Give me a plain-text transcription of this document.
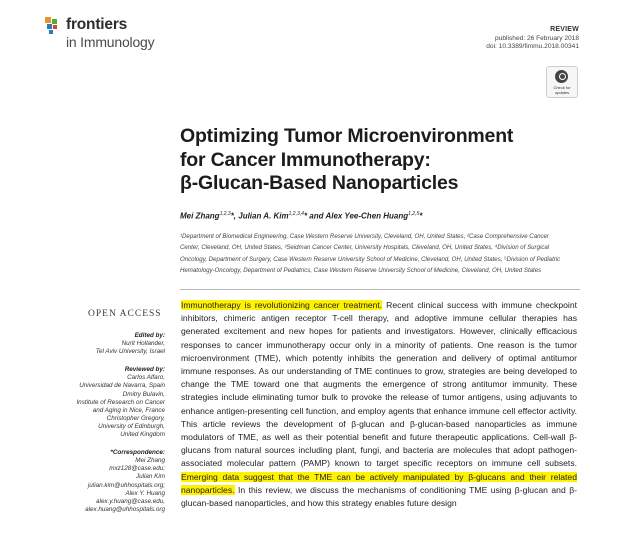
frontiers
in Immunology
REVIEW
published: 26 February 2018
doi: 10.3389/fimmu.2018.00341
Check for updates
Optimizing Tumor Microenvironment
for Cancer Immunotherapy:
β-Glucan-Based Nanoparticles
Mei Zhang$^{1,2,3}$*, Julian A. Kim$^{1,2,3,4}$* and Alex Yee-Chen Huang$^{1,2,5}$*
¹Department of Biomedical Engineering, Case Western Reserve University, Cleveland, OH, United States, ²Case Comprehensive Cancer Center, Cleveland, OH, United States, ³Seidman Cancer Center, University Hospitals, Cleveland, OH, United States, ⁴Division of Surgical Oncology, Department of Surgery, Case Western Reserve University School of Medicine, Cleveland, OH, United States, ⁵Division of Pediatric Hematology-Oncology, Department of Pediatrics, Case Western Reserve University School of Medicine, Cleveland, OH, United States
OPEN ACCESS
Edited by:
Nurit Hollander,
Tel Aviv University, Israel
Reviewed by:
Carlos Alfaro,
Universidad de Navarra, Spain
Dmitry Bulavin,
Institute of Research on Cancer
and Aging in Nice, France
Christopher Gregory,
University of Edinburgh,
United Kingdom
*Correspondence:
Mei Zhang
mxz128@case.edu;
Julian Kim
julian.kim@uhhospitals.org;
Alex Y. Huang
alex.y.huang@case.edu,
alex.huang@uhhospitals.org
Immunotherapy is revolutionizing cancer treatment. Recent clinical success with immune checkpoint inhibitors, chimeric antigen receptor T-cell therapy, and adoptive immune cellular therapies has generated excitement and new hopes for patients and investigators. However, clinically efficacious responses to cancer immunotherapy occur only in a minority of patients. One reason is the tumor microenvironment (TME), which potently inhibits the generation and delivery of optimal antitumor immune responses. As our understanding of TME continues to grow, strategies are being developed to change the TME toward one that augments the emergence of strong antitumor immunity. These strategies include eliminating tumor bulk to provoke the release of tumor antigens, using adjuvants to enhance antigen-presenting cell function, and employ agents that enhance immune cell effector activity. This article reviews the development of β-glucan and β-glucan-based nanoparticles as immune modulators of TME, as well as their potential benefit and future therapeutic applications. Cell-wall β-glucans from natural sources including plant, fungi, and bacteria are molecules that adopt pathogen-associated molecular pattern (PAMP) known to target specific receptors on immune cell subsets. Emerging data suggest that the TME can be actively manipulated by β-glucans and their related nanoparticles. In this review, we discuss the mechanisms of conditioning TME using β-glucan and β-glucan-based nanoparticles, and how this strategy enables future design
